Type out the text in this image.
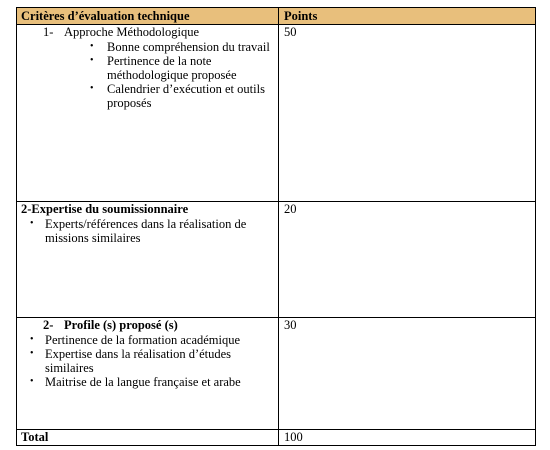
Critères d’évaluation technique	Points
1- Approche Méthodologique
• Bonne compréhension du travail
• Pertinence de la note méthodologique proposée
• Calendrier d’exécution et outils proposés
50
2-Expertise du soumissionnaire
• Experts/références dans la réalisation de missions similaires
20
2- Profile (s) proposé (s)
• Pertinence de la formation académique
• Expertise dans la réalisation d’études similaires
• Maitrise de la langue française et arabe
30
Total	100
